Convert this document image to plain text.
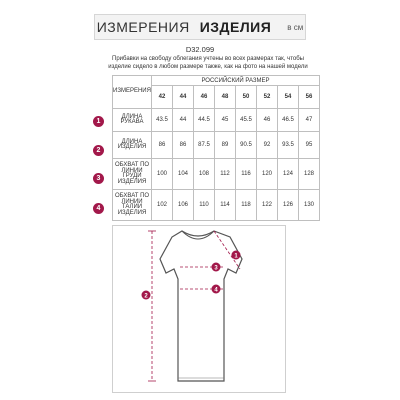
ИЗМЕРЕНИЯ ИЗДЕЛИЯ в см
D32.099
Прибавки на свободу облегания учтены во всех размерах так, чтобы
изделие сидело в любом размере также, как на фото на нашей модели
ИЗМЕРЕНИЯ	РОССИЙСКИЙ РАЗМЕР							
	42	44	46	48	50	52	54	56
ДЛИНА РУКАВА	43.5	44	44.5	45	45.5	46	46.5	47
ДЛИНА ИЗДЕЛИЯ	86	86	87.5	89	90.5	92	93.5	95
ОБХВАТ ПО ЛИНИИ ГРУДИ ИЗДЕЛИЯ	100	104	108	112	116	120	124	128
ОБХВАТ ПО ЛИНИИ ТАЛИИ ИЗДЕЛИЯ	102	106	110	114	118	122	126	130
1
2
3
4
1
2
3
4
